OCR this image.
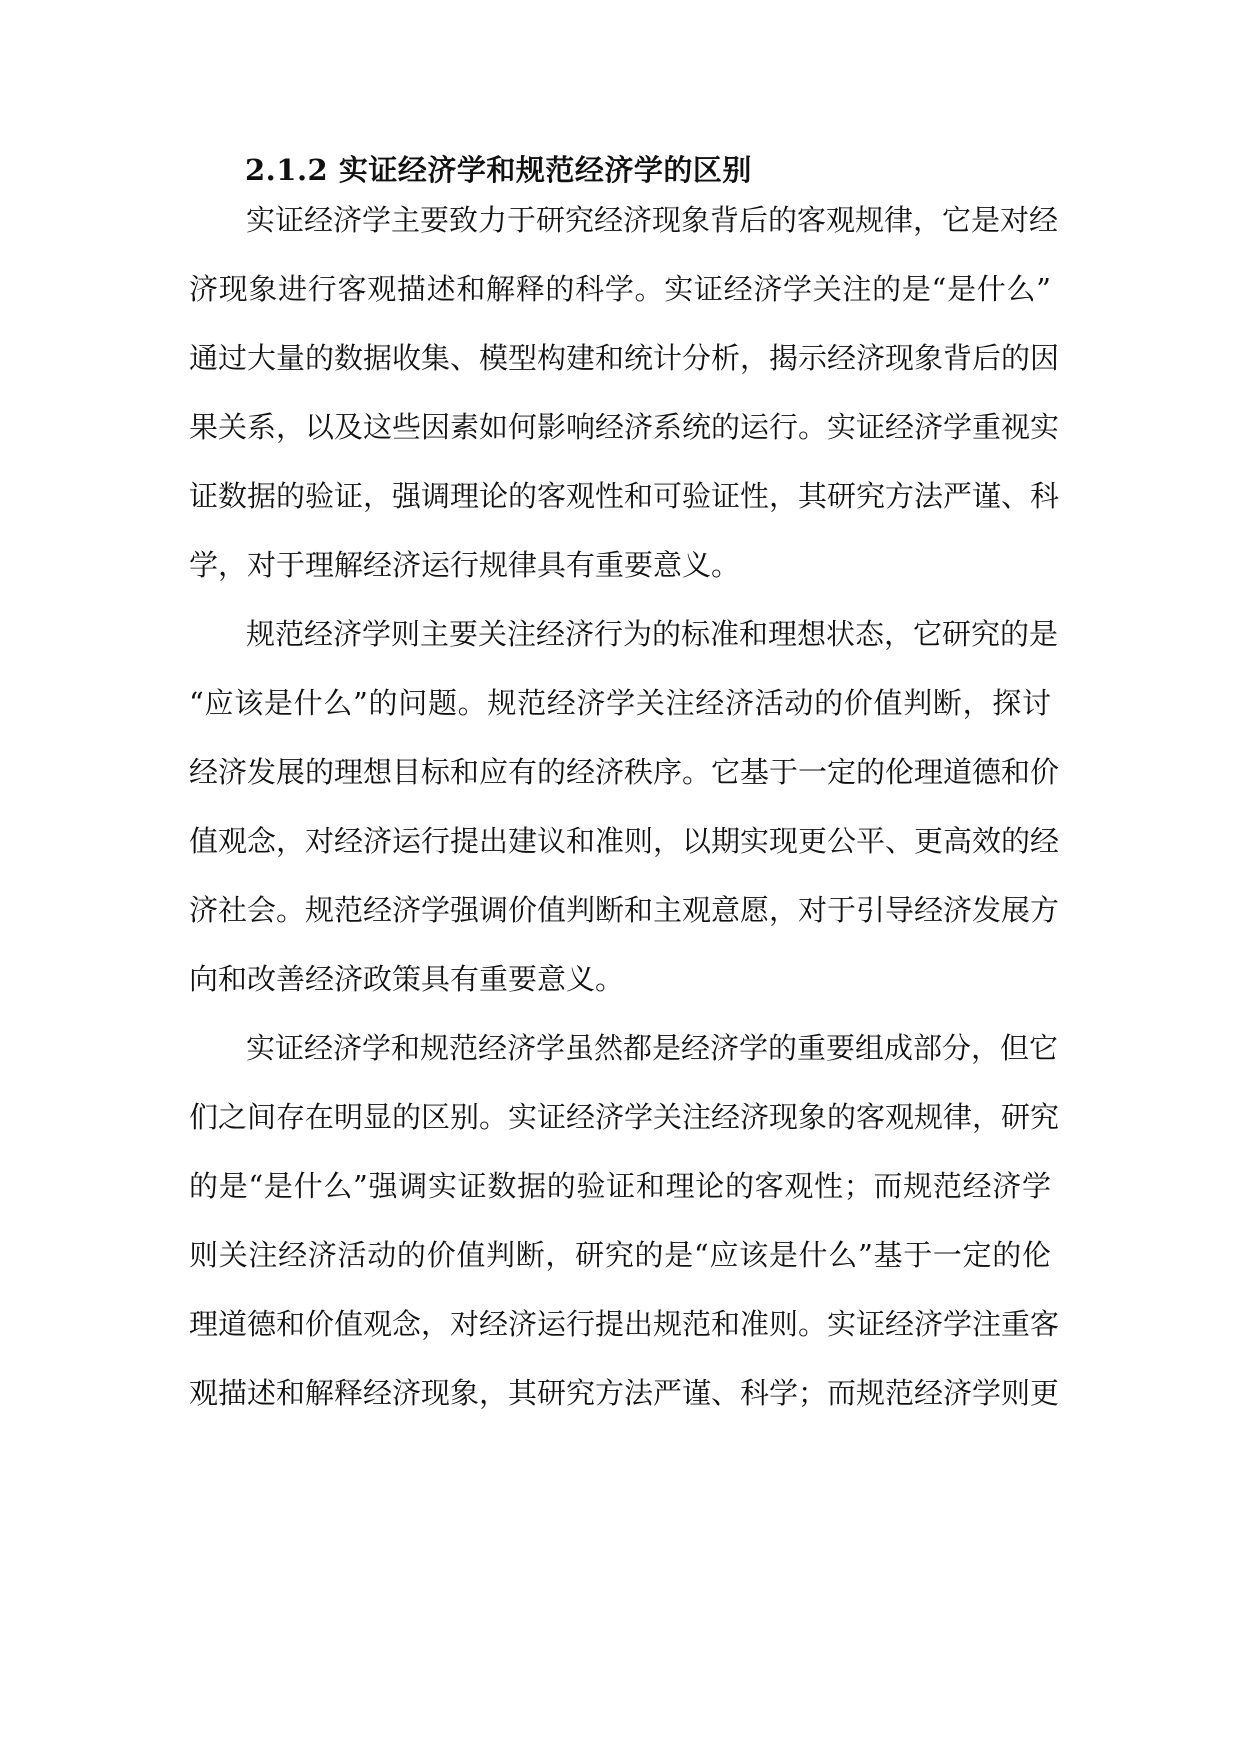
2.1.2 实证经济学和规范经济学的区别
实证经济学主要致力于研究经济现象背后的客观规律，它是对经
济现象进行客观描述和解释的科学。实证经济学关注的是“是什么”
通过大量的数据收集、模型构建和统计分析，揭示经济现象背后的因
果关系，以及这些因素如何影响经济系统的运行。实证经济学重视实
证数据的验证，强调理论的客观性和可验证性，其研究方法严谨、科
学，对于理解经济运行规律具有重要意义。
规范经济学则主要关注经济行为的标准和理想状态，它研究的是
“应该是什么”的问题。规范经济学关注经济活动的价值判断，探讨
经济发展的理想目标和应有的经济秩序。它基于一定的伦理道德和价
值观念，对经济运行提出建议和准则，以期实现更公平、更高效的经
济社会。规范经济学强调价值判断和主观意愿，对于引导经济发展方
向和改善经济政策具有重要意义。
实证经济学和规范经济学虽然都是经济学的重要组成部分，但它
们之间存在明显的区别。实证经济学关注经济现象的客观规律，研究
的是“是什么”强调实证数据的验证和理论的客观性；而规范经济学
则关注经济活动的价值判断，研究的是“应该是什么”基于一定的伦
理道德和价值观念，对经济运行提出规范和准则。实证经济学注重客
观描述和解释经济现象，其研究方法严谨、科学；而规范经济学则更
